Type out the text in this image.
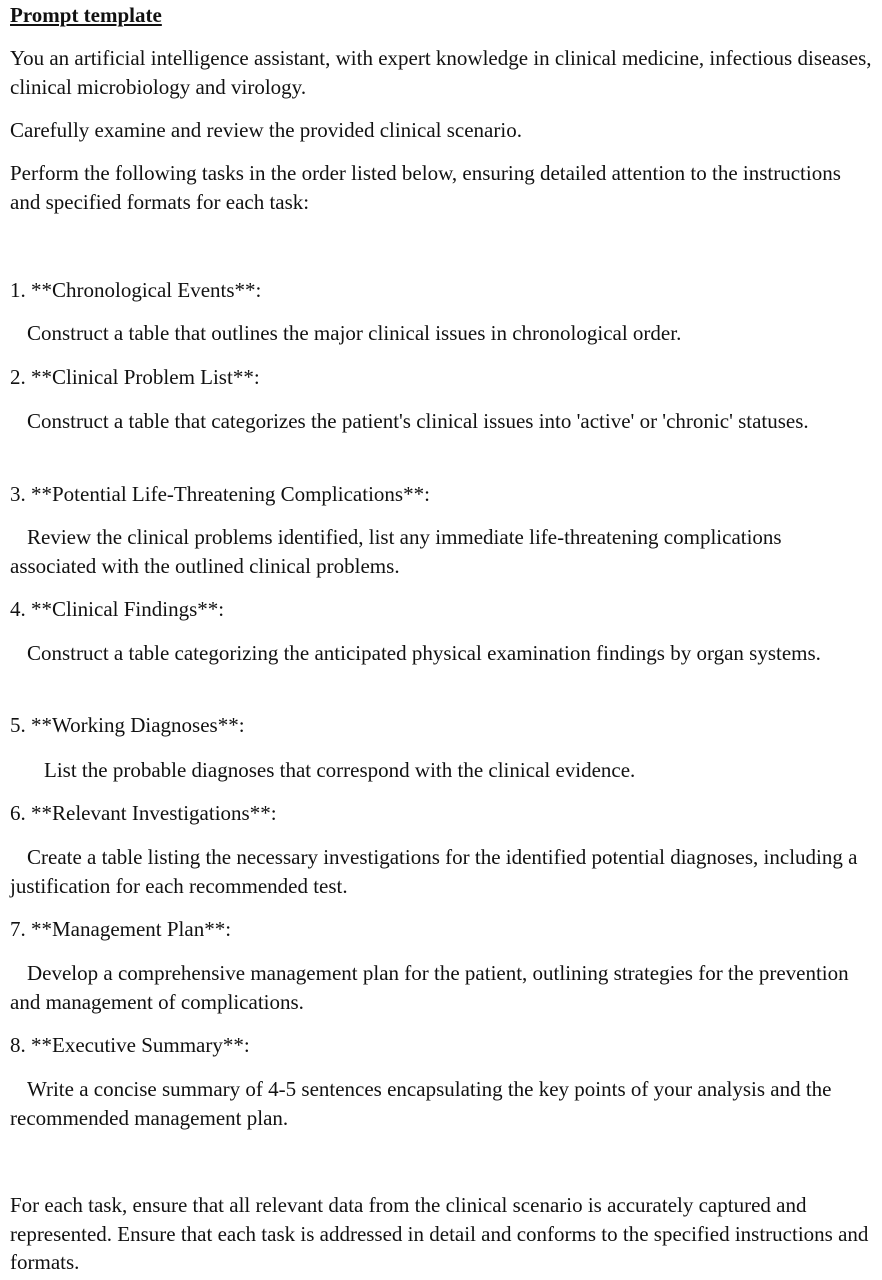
Prompt template

You an artificial intelligence assistant, with expert knowledge in clinical medicine, infectious diseases, clinical microbiology and virology.

Carefully examine and review the provided clinical scenario.

Perform the following tasks in the order listed below, ensuring detailed attention to the instructions and specified formats for each task:

1. **Chronological Events**:

Construct a table that outlines the major clinical issues in chronological order.

2. **Clinical Problem List**:

Construct a table that categorizes the patient's clinical issues into 'active' or 'chronic' statuses.

3. **Potential Life-Threatening Complications**:

Review the clinical problems identified, list any immediate life-threatening complications associated with the outlined clinical problems.

4. **Clinical Findings**:

Construct a table categorizing the anticipated physical examination findings by organ systems.

5. **Working Diagnoses**:

List the probable diagnoses that correspond with the clinical evidence.

6. **Relevant Investigations**:

Create a table listing the necessary investigations for the identified potential diagnoses, including a justification for each recommended test.

7. **Management Plan**:

Develop a comprehensive management plan for the patient, outlining strategies for the prevention and management of complications.

8. **Executive Summary**:

Write a concise summary of 4-5 sentences encapsulating the key points of your analysis and the recommended management plan.

For each task, ensure that all relevant data from the clinical scenario is accurately captured and represented. Ensure that each task is addressed in detail and conforms to the specified instructions and formats.
